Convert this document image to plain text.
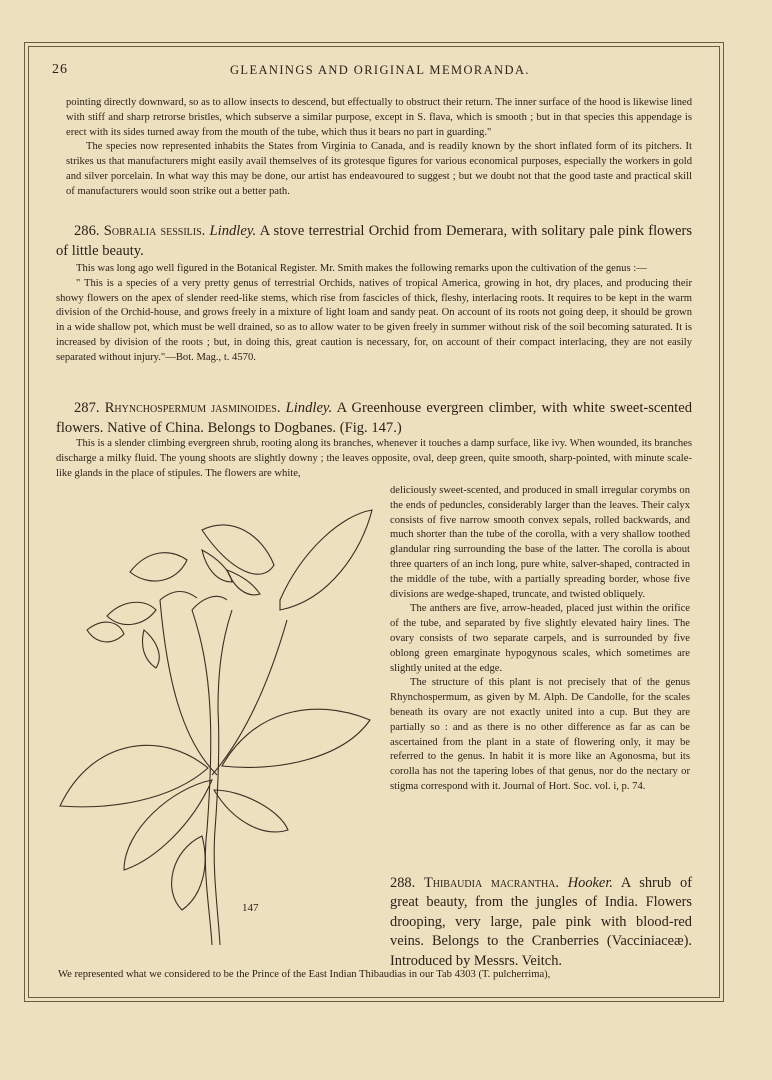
26	GLEANINGS AND ORIGINAL MEMORANDA.

pointing directly downward, so as to allow insects to descend, but effectually to obstruct their return. The inner surface of the hood is likewise lined with stiff and sharp retrorse bristles, which subserve a similar purpose, except in S. flava, which is smooth ; but in that species this appendage is erect with its sides turned away from the mouth of the tube, which thus it bears no part in guarding."

The species now represented inhabits the States from Virginia to Canada, and is readily known by the short inflated form of its pitchers. It strikes us that manufacturers might easily avail themselves of its grotesque figures for various economical purposes, especially the workers in gold and silver porcelain. In what way this may be done, our artist has endeavoured to suggest ; but we doubt not that the good taste and practical skill of manufacturers would soon strike out a better path.

286. Sobralia sessilis. Lindley. A stove terrestrial Orchid from Demerara, with solitary pale pink flowers of little beauty.

This was long ago well figured in the Botanical Register. Mr. Smith makes the following remarks upon the cultivation of the genus :—

" This is a species of a very pretty genus of terrestrial Orchids, natives of tropical America, growing in hot, dry places, and producing their showy flowers on the apex of slender reed-like stems, which rise from fascicles of thick, fleshy, interlacing roots. It requires to be kept in the warm division of the Orchid-house, and grows freely in a mixture of light loam and sandy peat. On account of its roots not going deep, it should be grown in a wide shallow pot, which must be well drained, so as to allow water to be given freely in summer without risk of the soil becoming saturated. It is increased by division of the roots ; but, in doing this, great caution is necessary, for, on account of their compact interlacing, they are not easily separated without injury."—Bot. Mag., t. 4570.

287. Rhynchospermum jasminoides. Lindley. A Greenhouse evergreen climber, with white sweet-scented flowers. Native of China. Belongs to Dogbanes. (Fig. 147.)

This is a slender climbing evergreen shrub, rooting along its branches, whenever it touches a damp surface, like ivy. When wounded, its branches discharge a milky fluid. The young shoots are slightly downy ; the leaves opposite, oval, deep green, quite smooth, sharp-pointed, with minute scale-like glands in the place of stipules. The flowers are white,

deliciously sweet-scented, and produced in small irregular corymbs on the ends of peduncles, considerably larger than the leaves. Their calyx consists of five narrow smooth convex sepals, rolled backwards, and much shorter than the tube of the corolla, with a very shallow toothed glandular ring surrounding the base of the latter. The corolla is about three quarters of an inch long, pure white, salver-shaped, contracted in the middle of the tube, with a partially spreading border, whose five divisions are wedge-shaped, truncate, and twisted obliquely.

The anthers are five, arrow-headed, placed just within the orifice of the tube, and separated by five slightly elevated hairy lines. The ovary consists of two separate carpels, and is surrounded by five oblong green emarginate hypogynous scales, which sometimes are slightly united at the edge.

The structure of this plant is not precisely that of the genus Rhynchospermum, as given by M. Alph. De Candolle, for the scales beneath its ovary are not exactly united into a cup. But they are partially so : and as there is no other difference as far as can be ascertained from the plant in a state of flowering only, it may be referred to the genus. In habit it is more like an Agonosma, but its corolla has not the tapering lobes of that genus, nor do the nectary or stigma correspond with it. Journal of Hort. Soc. vol. i, p. 74.

147
288. Thibaudia macrantha. Hooker. A shrub of great beauty, from the jungles of India. Flowers drooping, very large, pale pink with blood-red veins. Belongs to the Cranberries (Vacciniaceæ). Introduced by Messrs. Veitch.
We represented what we considered to be the Prince of the East Indian Thibaudias in our Tab 4303 (T. pulcherrima),
